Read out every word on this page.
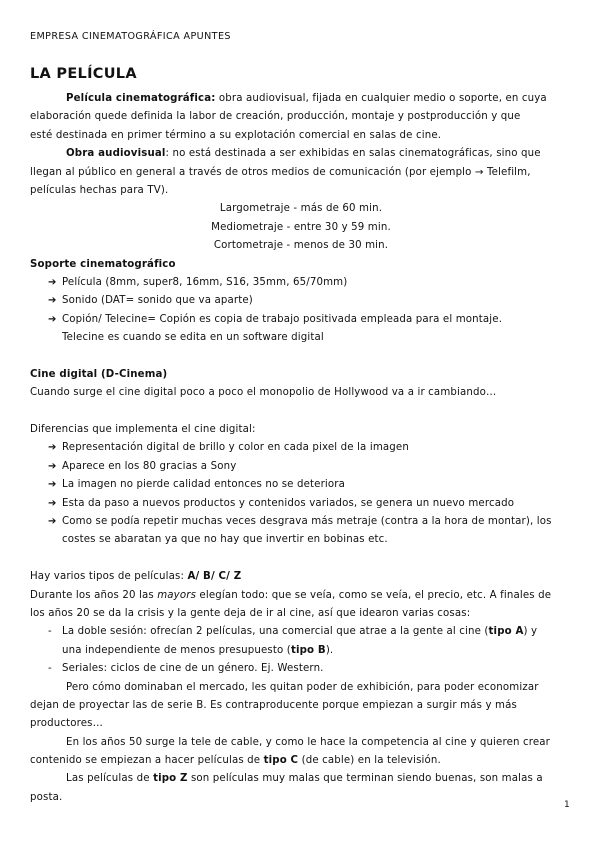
EMPRESA CINEMATOGRÁFICA APUNTES
LA PELÍCULA
Película cinematográfica: obra audiovisual, fijada en cualquier medio o soporte, en cuya
elaboración quede definida la labor de creación, producción, montaje y postproducción y que
esté destinada en primer término a su explotación comercial en salas de cine.
Obra audiovisual: no está destinada a ser exhibidas en salas cinematográficas, sino que
llegan al público en general a través de otros medios de comunicación (por ejemplo → Telefilm,
películas hechas para TV).
Largometraje - más de 60 min.
Mediometraje - entre 30 y 59 min.
Cortometraje - menos de 30 min.
Soporte cinematográfico
➔ Película (8mm, super8, 16mm, S16, 35mm, 65/70mm)
➔ Sonido (DAT= sonido que va aparte)
➔ Copión/ Telecine= Copión es copia de trabajo positivada empleada para el montaje.
Telecine es cuando se edita en un software digital
Cine digital (D-Cinema)
Cuando surge el cine digital poco a poco el monopolio de Hollywood va a ir cambiando…
Diferencias que implementa el cine digital:
➔ Representación digital de brillo y color en cada pixel de la imagen
➔ Aparece en los 80 gracias a Sony
➔ La imagen no pierde calidad entonces no se deteriora
➔ Esta da paso a nuevos productos y contenidos variados, se genera un nuevo mercado
➔ Como se podía repetir muchas veces desgrava más metraje (contra a la hora de montar), los
costes se abaratan ya que no hay que invertir en bobinas etc.
Hay varios tipos de películas: A/ B/ C/ Z
Durante los años 20 las mayors elegían todo: que se veía, como se veía, el precio, etc. A finales de
los años 20 se da la crisis y la gente deja de ir al cine, así que idearon varias cosas:
- La doble sesión: ofrecían 2 películas, una comercial que atrae a la gente al cine (tipo A) y
una independiente de menos presupuesto (tipo B).
- Seriales: ciclos de cine de un género. Ej. Western.
Pero cómo dominaban el mercado, les quitan poder de exhibición, para poder economizar
dejan de proyectar las de serie B. Es contraproducente porque empiezan a surgir más y más
productores…
En los años 50 surge la tele de cable, y como le hace la competencia al cine y quieren crear
contenido se empiezan a hacer películas de tipo C (de cable) en la televisión.
Las películas de tipo Z son películas muy malas que terminan siendo buenas, son malas a
posta.
1
